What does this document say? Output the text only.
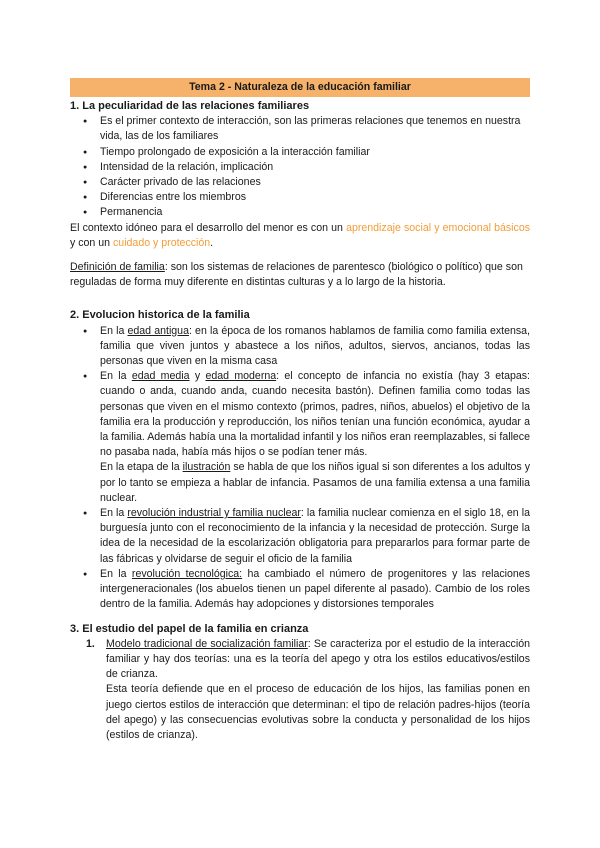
Tema 2 - Naturaleza de la educación familiar
1. La peculiaridad de las relaciones familiares
● Es el primer contexto de interacción, son las primeras relaciones que tenemos en nuestra vida, las de los familiares
● Tiempo prolongado de exposición a la interacción familiar
● Intensidad de la relación, implicación
● Carácter privado de las relaciones
● Diferencias entre los miembros
● Permanencia

El contexto idóneo para el desarrollo del menor es con un aprendizaje social y emocional básicos y con un cuidado y protección.

Definición de familia: son los sistemas de relaciones de parentesco (biológico o político) que son reguladas de forma muy diferente en distintas culturas y a lo largo de la historia.

2. Evolucion historica de la familia
● En la edad antigua: en la época de los romanos hablamos de familia como familia extensa, familia que viven juntos y abastece a los niños, adultos, siervos, ancianos, todas las personas que viven en la misma casa
● En la edad media y edad moderna: el concepto de infancia no existía (hay 3 etapas: cuando o anda, cuando anda, cuando necesita bastón). Definen familia como todas las personas que viven en el mismo contexto (primos, padres, niños, abuelos) el objetivo de la familia era la producción y reproducción, los niños tenían una función económica, ayudar a la familia. Además había una la mortalidad infantil y los niños eran reemplazables, si fallece no pasaba nada, había más hijos o se podían tener más.

En la etapa de la ilustración se habla de que los niños igual si son diferentes a los adultos y por lo tanto se empieza a hablar de infancia. Pasamos de una familia extensa a una familia nuclear.

● En la revolución industrial y familia nuclear: la familia nuclear comienza en el siglo 18, en la burguesía junto con el reconocimiento de la infancia y la necesidad de protección. Surge la idea de la necesidad de la escolarización obligatoria para prepararlos para formar parte de las fábricas y olvidarse de seguir el oficio de la familia
● En la revolución tecnológica: ha cambiado el número de progenitores y las relaciones intergeneracionales (los abuelos tienen un papel diferente al pasado). Cambio de los roles dentro de la familia. Además hay adopciones y distorsiones temporales
3. El estudio del papel de la familia en crianza
1. Modelo tradicional de socialización familiar: Se caracteriza por el estudio de la interacción familiar y hay dos teorías: una es la teoría del apego y otra los estilos educativos/estilos de crianza.

Esta teoría defiende que en el proceso de educación de los hijos, las familias ponen en juego ciertos estilos de interacción que determinan: el tipo de relación padres-hijos (teoría del apego) y las consecuencias evolutivas sobre la conducta y personalidad de los hijos (estilos de crianza).
